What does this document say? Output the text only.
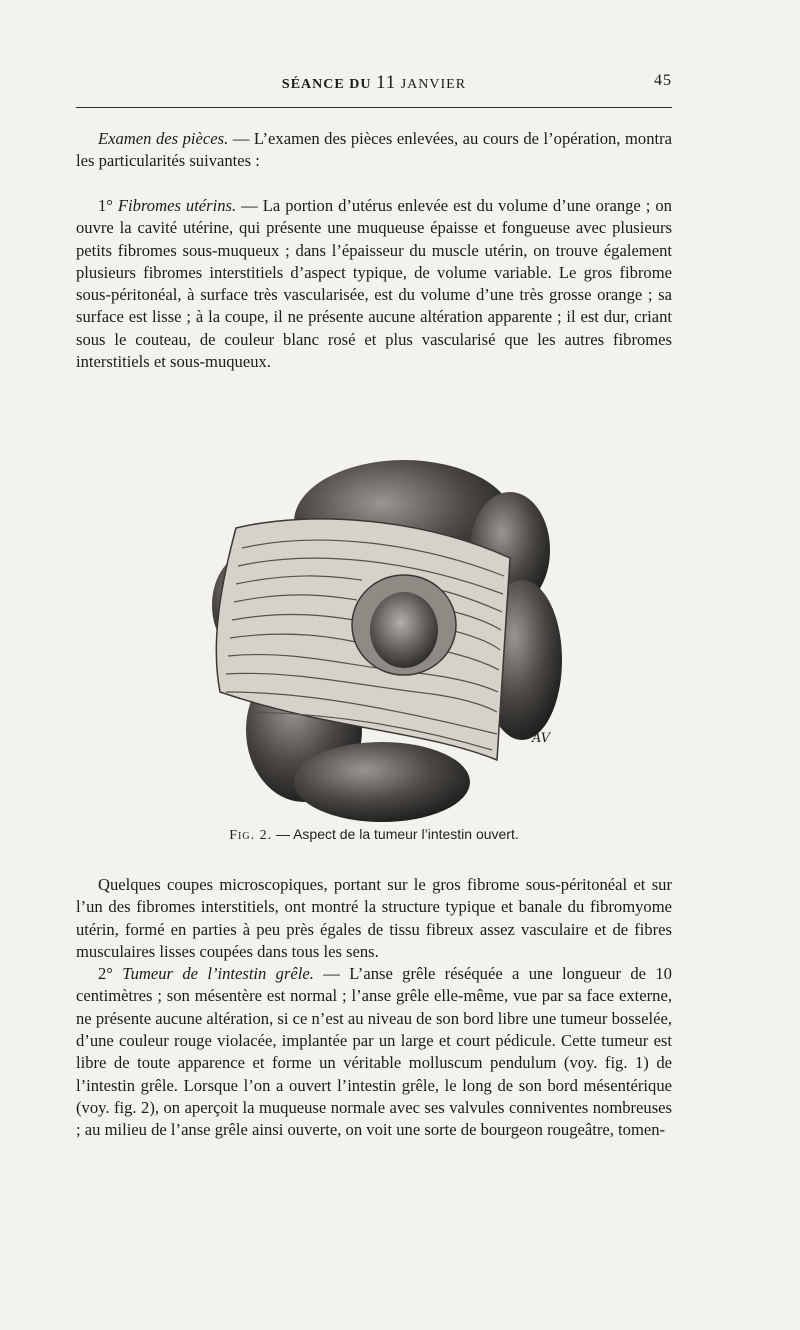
SÉANCE DU 11 JANVIER	45

Examen des pièces. — L’examen des pièces enlevées, au cours de l’opération, montra les particularités suivantes :

1° Fibromes utérins. — La portion d’utérus enlevée est du volume d’une orange ; on ouvre la cavité utérine, qui présente une muqueuse épaisse et fongueuse avec plusieurs petits fibromes sous-muqueux ; dans l’épaisseur du muscle utérin, on trouve également plusieurs fibromes interstitiels d’aspect typique, de volume variable. Le gros fibrome sous-péritonéal, à surface très vascularisée, est du volume d’une très grosse orange ; sa surface est lisse ; à la coupe, il ne présente aucune altération apparente ; il est dur, criant sous le couteau, de couleur blanc rosé et plus vascularisé que les autres fibromes interstitiels et sous-muqueux.

AV
Fig. 2. — Aspect de la tumeur l’intestin ouvert.

Quelques coupes microscopiques, portant sur le gros fibrome sous-péritonéal et sur l’un des fibromes interstitiels, ont montré la structure typique et banale du fibromyome utérin, formé en parties à peu près égales de tissu fibreux assez vasculaire et de fibres musculaires lisses coupées dans tous les sens.

2° Tumeur de l’intestin grêle. — L’anse grêle réséquée a une longueur de 10 centimètres ; son mésentère est normal ; l’anse grêle elle-même, vue par sa face externe, ne présente aucune altération, si ce n’est au niveau de son bord libre une tumeur bosselée, d’une couleur rouge violacée, implantée par un large et court pédicule. Cette tumeur est libre de toute apparence et forme un véritable molluscum pendulum (voy. fig. 1) de l’intestin grêle. Lorsque l’on a ouvert l’intestin grêle, le long de son bord mésentérique (voy. fig. 2), on aperçoit la muqueuse normale avec ses valvules conniventes nombreuses ; au milieu de l’anse grêle ainsi ouverte, on voit une sorte de bourgeon rougeâtre, tomen-
